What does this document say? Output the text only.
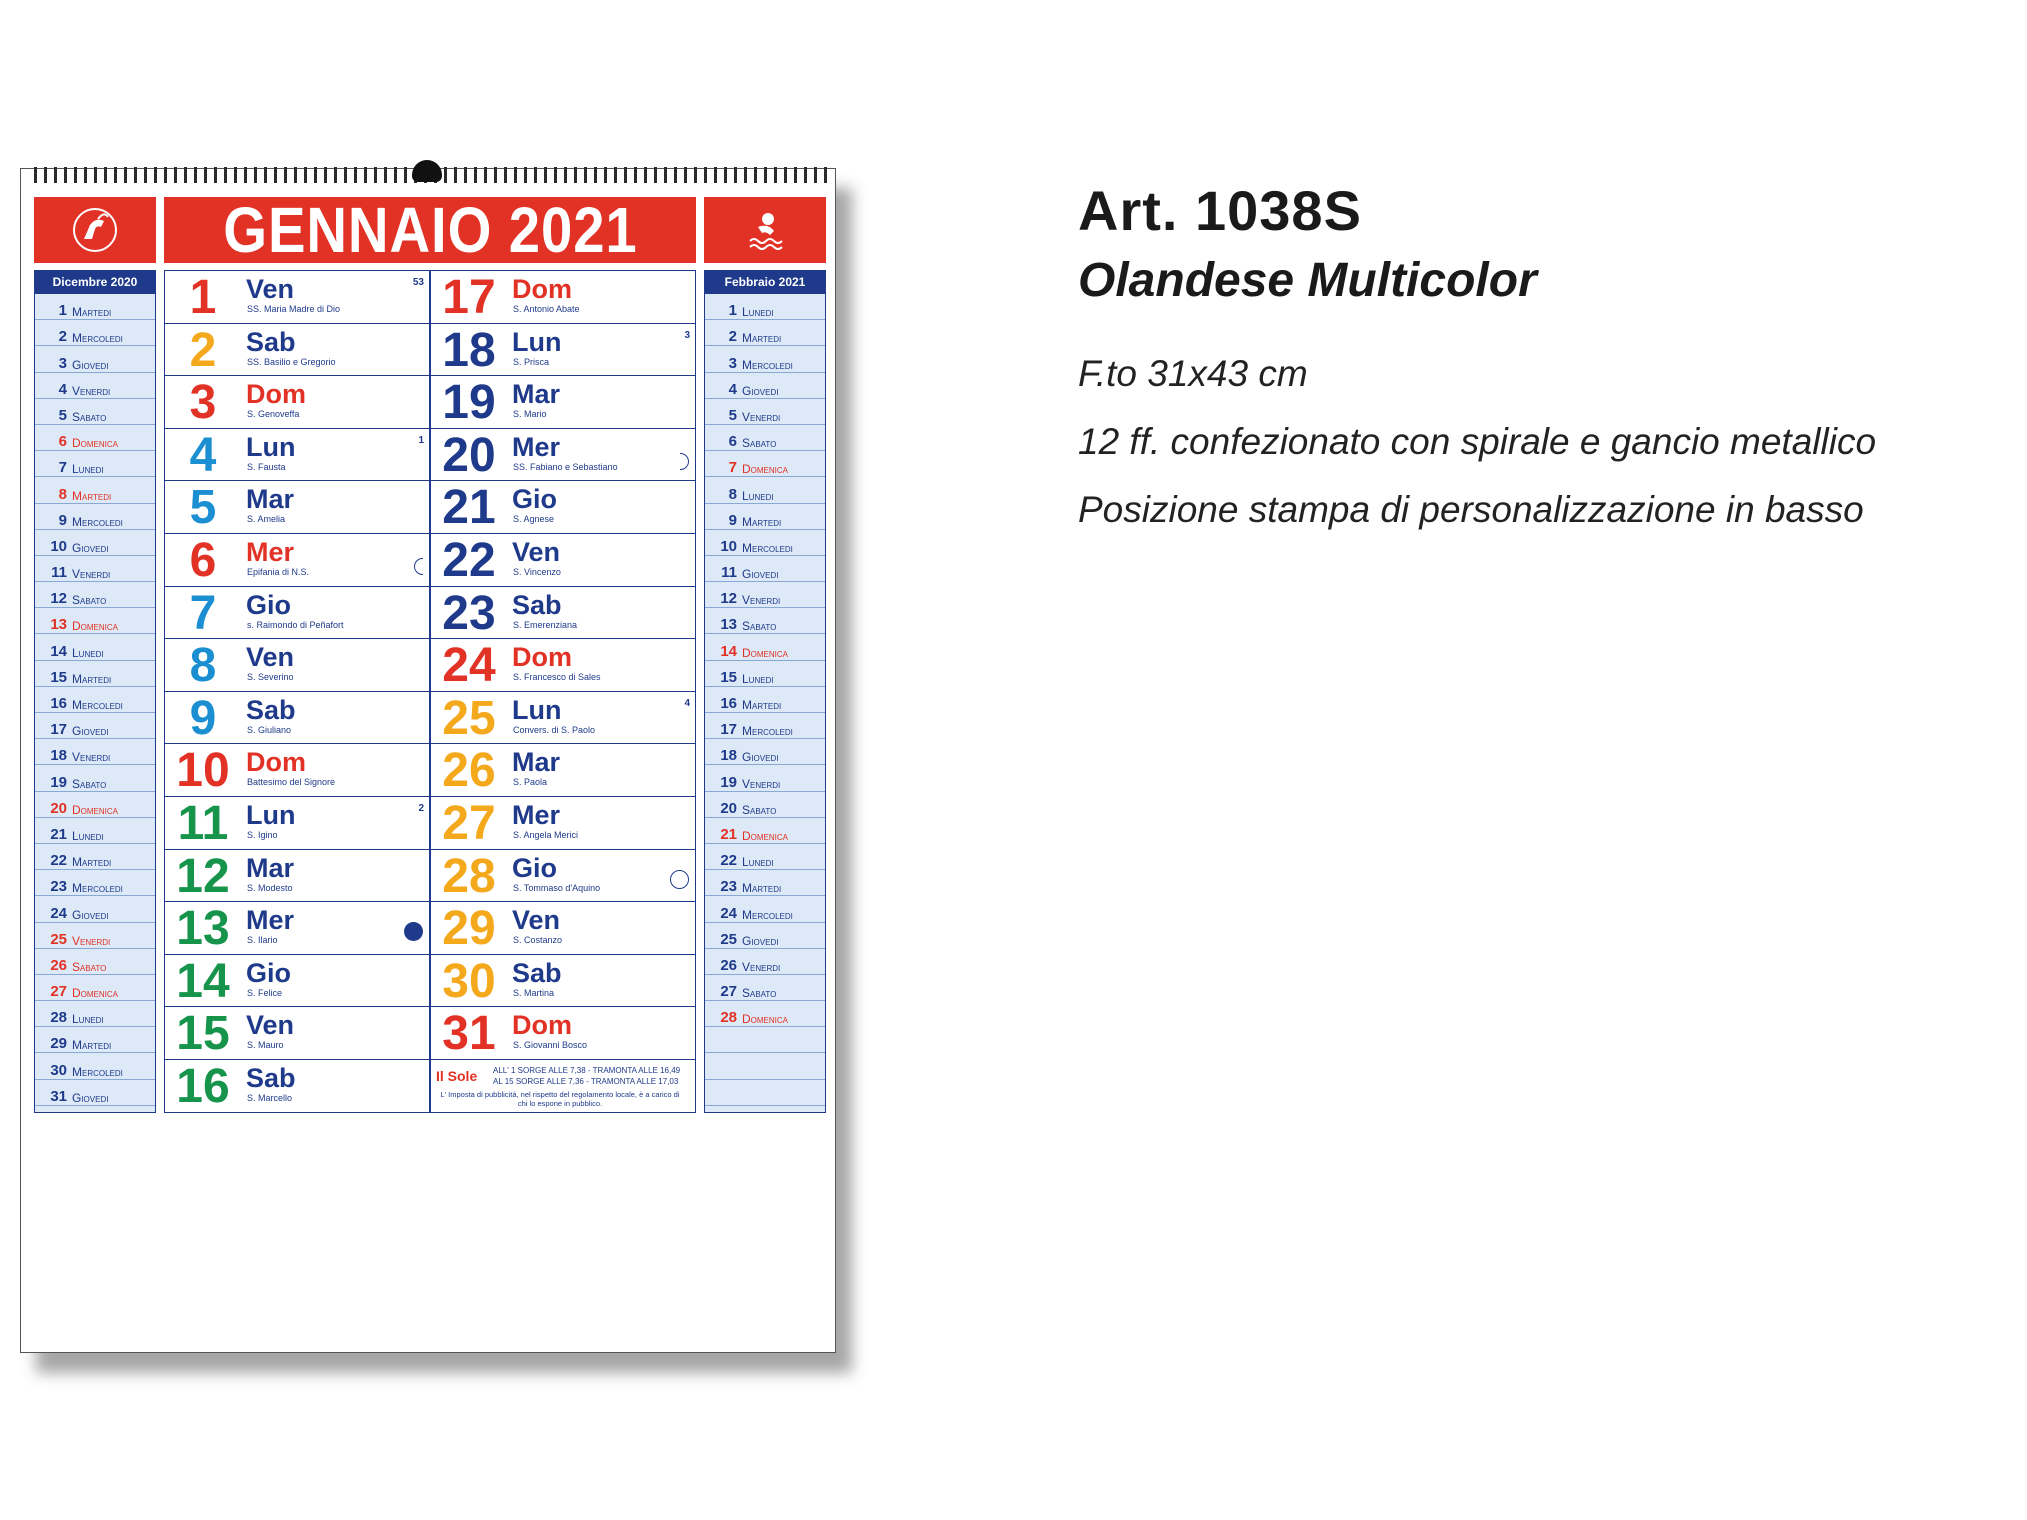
GENNAIO 2021
Dicembre 2020
1 Martedi
2 Mercoledi
3 Giovedi
4 Venerdi
5 Sabato
6 Domenica
7 Lunedi
8 Martedi
9 Mercoledi
10 Giovedi
11 Venerdi
12 Sabato
13 Domenica
14 Lunedi
15 Martedi
16 Mercoledi
17 Giovedi
18 Venerdi
19 Sabato
20 Domenica
21 Lunedi
22 Martedi
23 Mercoledi
24 Giovedi
25 Venerdi
26 Sabato
27 Domenica
28 Lunedi
29 Martedi
30 Mercoledi
31 Giovedi
1	Ven
SS. Maria Madre di Dio
53
2	Sab
SS. Basilio e Gregorio
3	Dom
S. Genoveffa
4	Lun
S. Fausta
1
5	Mar
S. Amelia
6	Mer
Epifania di N.S.
7	Gio
s. Raimondo di Peñafort
8	Ven
S. Severino
9	Sab
S. Giuliano
10 Dom
Battesimo del Signore
11 Lun
S. Igino
2
12 Mar
S. Modesto
13 Mer
S. Ilario
14 Gio
S. Felice
15 Ven
S. Mauro
16 Sab
S. Marcello
17 Dom
S. Antonio Abate
18 Lun
S. Prisca
3
19 Mar
S. Mario
20 Mer
SS. Fabiano e Sebastiano
21 Gio
S. Agnese
22 Ven
S. Vincenzo
23 Sab
S. Emerenziana
24 Dom
S. Francesco di Sales
25 Lun
Convers. di S. Paolo
4
26 Mar
S. Paola
27 Mer
S. Angela Merici
28 Gio
S. Tommaso d'Aquino
29 Ven
S. Costanzo
30 Sab
S. Martina
31 Dom
S. Giovanni Bosco
Il Sole ALL' 1 SORGE ALLE 7,38 - TRAMONTA ALLE 16,49
AL 15 SORGE ALLE 7,36 - TRAMONTA ALLE 17,03
L' Imposta di pubblicità, nel rispetto del regolamento locale, è a carico di chi lo espone in pubblico.
Febbraio 2021
1 Lunedi
2 Martedi
3 Mercoledi
4 Giovedi
5 Venerdi
6 Sabato
7 Domenica
8 Lunedi
9 Martedi
10 Mercoledi
11 Giovedi
12 Venerdi
13 Sabato
14 Domenica
15 Lunedi
16 Martedi
17 Mercoledi
18 Giovedi
19 Venerdi
20 Sabato
21 Domenica
22 Lunedi
23 Martedi
24 Mercoledi
25 Giovedi
26 Venerdi
27 Sabato
28 Domenica
Art. 1038S
Olandese Multicolor
F.to 31x43 cm
12 ff. confezionato con spirale e gancio metallico
Posizione stampa di personalizzazione in basso
